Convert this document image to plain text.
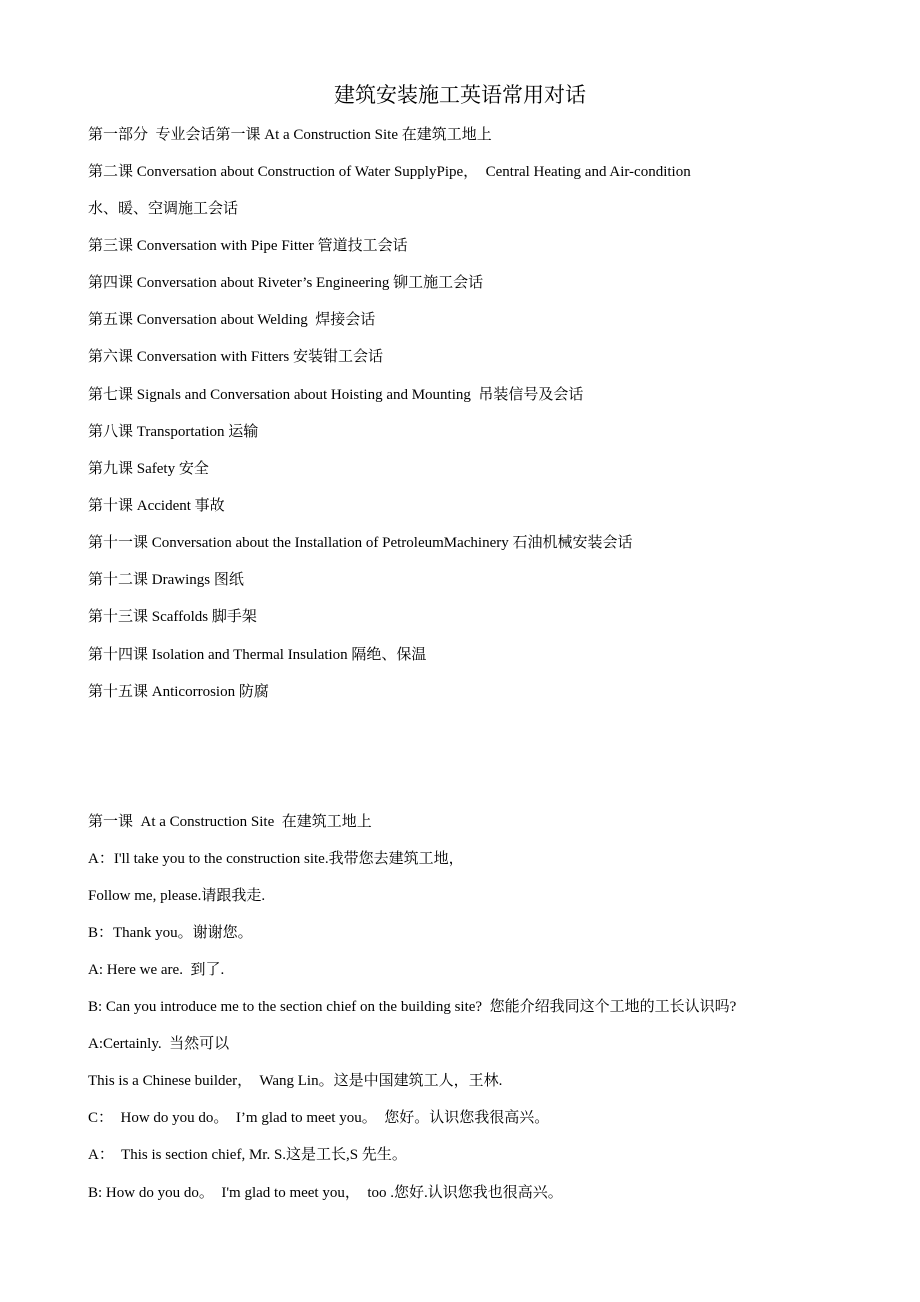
建筑安装施工英语常用对话
第一部分  专业会话第一课 At a Construction Site 在建筑工地上
第二课 Conversation about Construction of Water SupplyPipe，  Central Heating and Air-condition
水、暖、空调施工会话
第三课 Conversation with Pipe Fitter 管道技工会话
第四课 Conversation about Riveter’s Engineering 铆工施工会话
第五课 Conversation about Welding  焊接会话
第六课 Conversation with Fitters 安装钳工会话
第七课 Signals and Conversation about Hoisting and Mounting  吊装信号及会话
第八课 Transportation 运输
第九课 Safety 安全
第十课 Accident 事故
第十一课 Conversation about the Installation of PetroleumMachinery 石油机械安装会话
第十二课 Drawings 图纸
第十三课 Scaffolds 脚手架
第十四课 Isolation and Thermal Insulation 隔绝、保温
第十五课 Anticorrosion 防腐
第一课  At a Construction Site  在建筑工地上
A：I'll take you to the construction site.我带您去建筑工地，
Follow me, please.请跟我走.
B：Thank you。谢谢您。
A: Here we are.  到了.
B: Can you introduce me to the section chief on the building site?  您能介绍我同这个工地的工长认识吗?
A:Certainly.  当然可以
This is a Chinese builder，  Wang Lin。这是中国建筑工人，王林.
C：  How do you do。  I’m glad to meet you。  您好。认识您我很高兴。
A：  This is section chief, Mr. S.这是工长,S 先生。
B: How do you do。  I'm glad to meet you，  too .您好.认识您我也很高兴。
